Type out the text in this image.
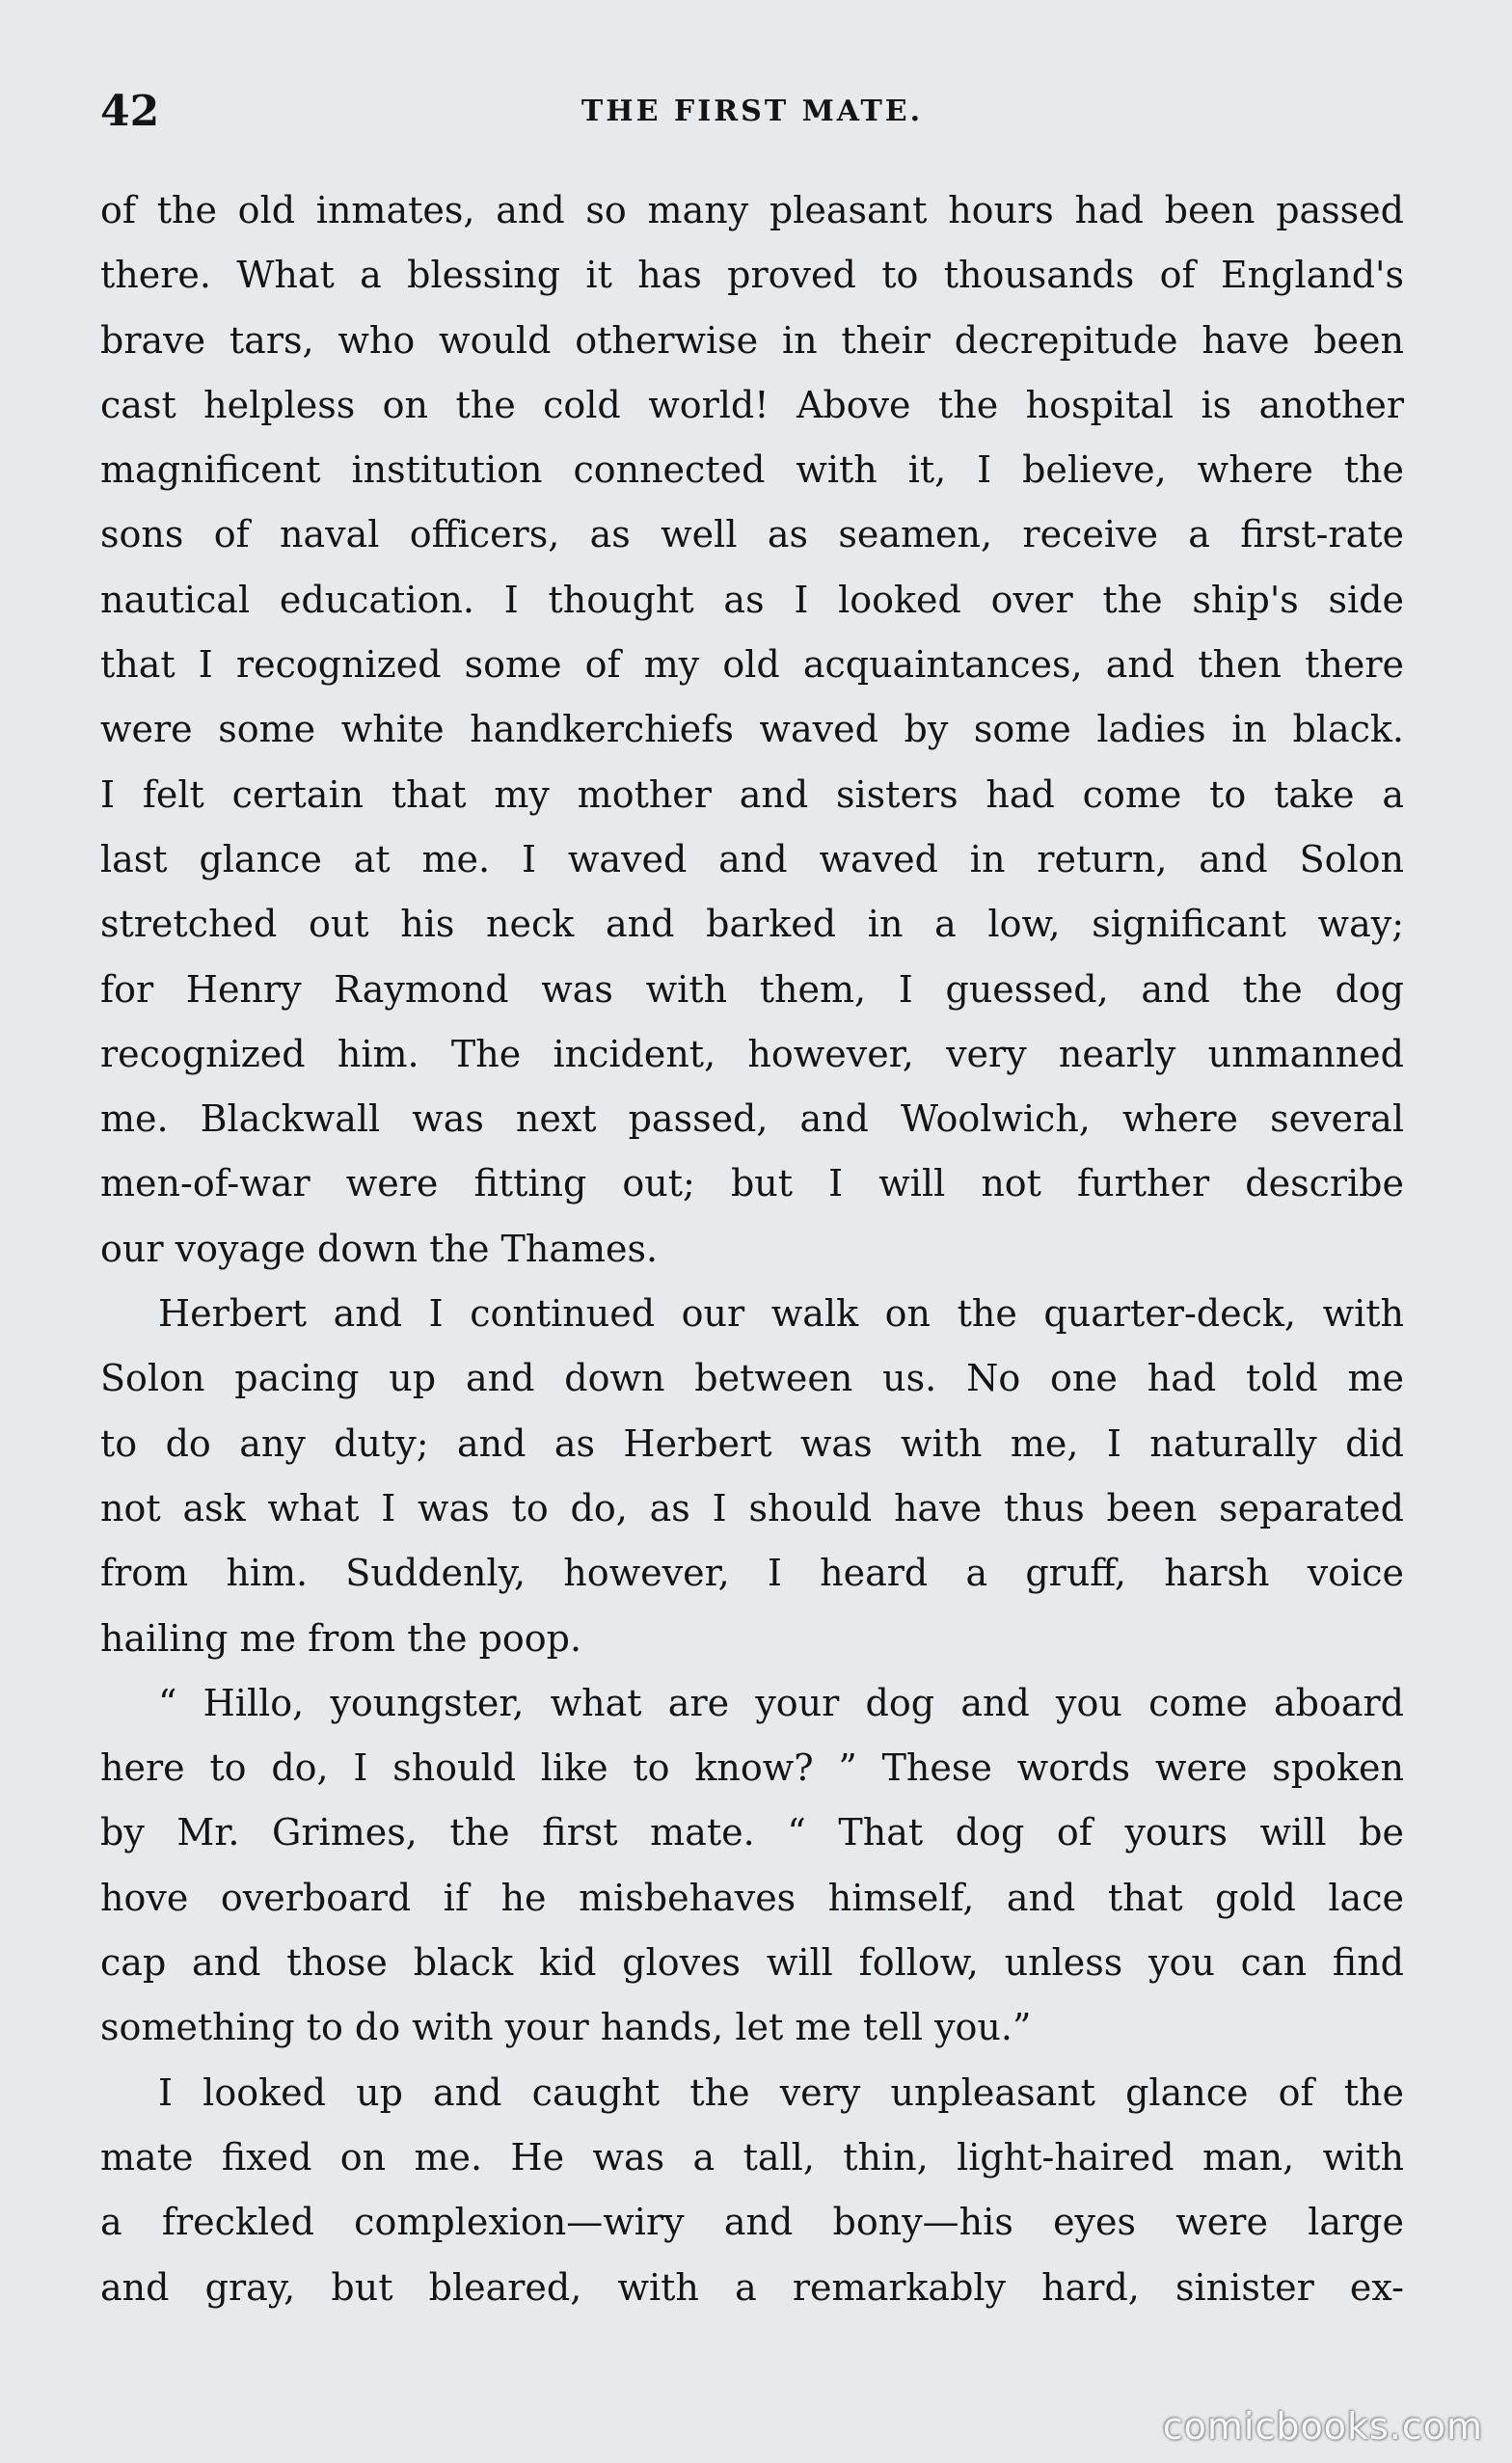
42	THE FIRST MATE.
of the old inmates, and so many pleasant hours had been passed
there. What a blessing it has proved to thousands of England's
brave tars, who would otherwise in their decrepitude have been
cast helpless on the cold world! Above the hospital is another
magnificent institution connected with it, I believe, where the
sons of naval officers, as well as seamen, receive a first-rate
nautical education. I thought as I looked over the ship's side
that I recognized some of my old acquaintances, and then there
were some white handkerchiefs waved by some ladies in black.
I felt certain that my mother and sisters had come to take a
last glance at me. I waved and waved in return, and Solon
stretched out his neck and barked in a low, significant way;
for Henry Raymond was with them, I guessed, and the dog
recognized him. The incident, however, very nearly unmanned
me. Blackwall was next passed, and Woolwich, where several
men-of-war were fitting out; but I will not further describe
our voyage down the Thames.
Herbert and I continued our walk on the quarter-deck, with
Solon pacing up and down between us. No one had told me
to do any duty; and as Herbert was with me, I naturally did
not ask what I was to do, as I should have thus been separated
from him. Suddenly, however, I heard a gruff, harsh voice
hailing me from the poop.
“ Hillo, youngster, what are your dog and you come aboard
here to do, I should like to know? ” These words were spoken
by Mr. Grimes, the first mate. “ That dog of yours will be
hove overboard if he misbehaves himself, and that gold lace
cap and those black kid gloves will follow, unless you can find
something to do with your hands, let me tell you.”
I looked up and caught the very unpleasant glance of the
mate fixed on me. He was a tall, thin, light-haired man, with
a freckled complexion—wiry and bony—his eyes were large
and gray, but bleared, with a remarkably hard, sinister ex-
comicbooks.com
